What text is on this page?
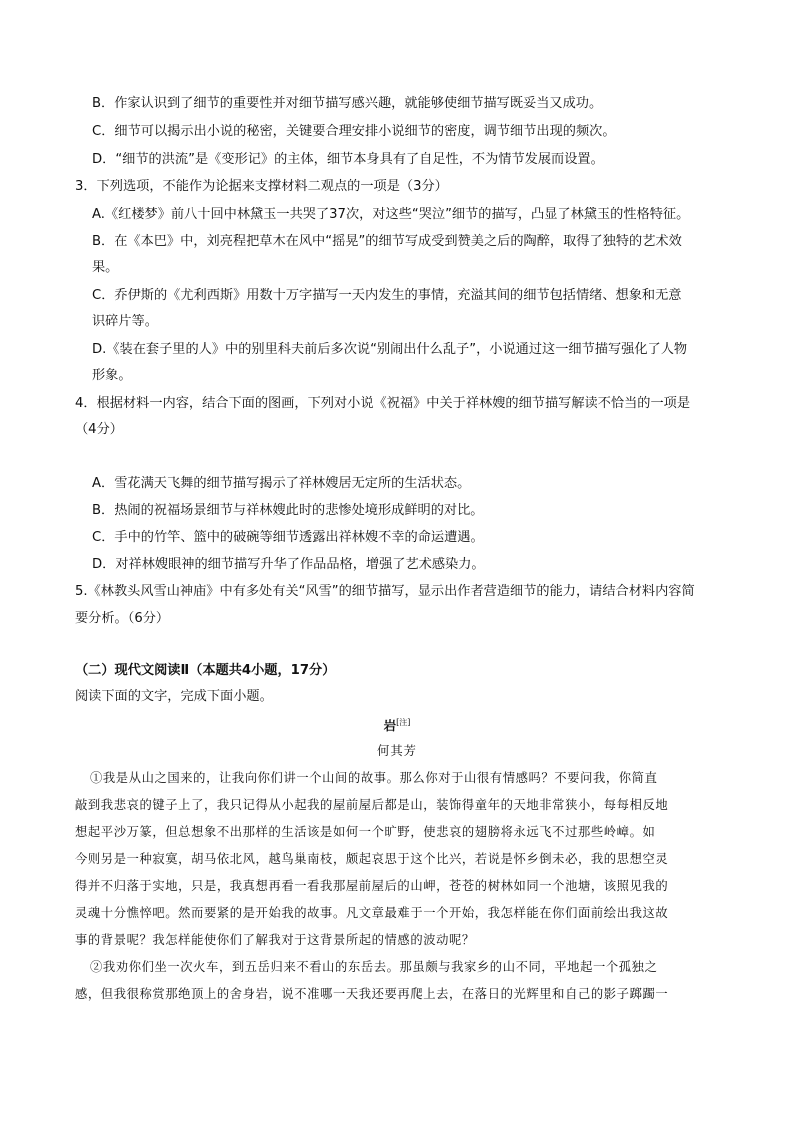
B．作家认识到了细节的重要性并对细节描写感兴趣，就能够使细节描写既妥当又成功。
C．细节可以揭示出小说的秘密，关键要合理安排小说细节的密度，调节细节出现的频次。
D．“细节的洪流”是《变形记》的主体，细节本身具有了自足性，不为情节发展而设置。
3．下列选项，不能作为论据来支撑材料二观点的一项是（3分）
A.《红楼梦》前八十回中林黛玉一共哭了37次，对这些“哭泣”细节的描写，凸显了林黛玉的性格特征。
B．在《本巴》中，刘亮程把草木在风中“摇晃”的细节写成受到赞美之后的陶醉，取得了独特的艺术效
果。
C．乔伊斯的《尤利西斯》用数十万字描写一天内发生的事情，充溢其间的细节包括情绪、想象和无意
识碎片等。
D.《装在套子里的人》中的别里科夫前后多次说“别闹出什么乱子”，小说通过这一细节描写强化了人物
形象。
4．根据材料一内容，结合下面的图画，下列对小说《祝福》中关于祥林嫂的细节描写解读不恰当的一项是
（4分）
A．雪花满天飞舞的细节描写揭示了祥林嫂居无定所的生活状态。
B．热闹的祝福场景细节与祥林嫂此时的悲惨处境形成鲜明的对比。
C．手中的竹竿、篮中的破碗等细节透露出祥林嫂不幸的命运遭遇。
D．对祥林嫂眼神的细节描写升华了作品品格，增强了艺术感染力。
5.《林教头风雪山神庙》中有多处有关“风雪”的细节描写，显示出作者营造细节的能力，请结合材料内容简
要分析。（6分）
（二）现代文阅读Ⅱ（本题共4小题，17分）
阅读下面的文字，完成下面小题。
岩[注]
何其芳
①我是从山之国来的，让我向你们讲一个山间的故事。那么你对于山很有情感吗？不要问我，你简直
敲到我悲哀的键子上了，我只记得从小起我的屋前屋后都是山，装饰得童年的天地非常狭小，每每相反地
想起平沙万篆，但总想象不出那样的生活该是如何一个旷野，使悲哀的翅膀将永远飞不过那些岭嶂。如
今则另是一种寂寞，胡马依北风，越鸟巢南枝，颇起哀思于这个比兴，若说是怀乡倒未必，我的思想空灵
得并不归落于实地，只是，我真想再看一看我那屋前屋后的山岬，苍苍的树林如同一个池塘，该照见我的
灵魂十分憔悴吧。然而要紧的是开始我的故事。凡文章最难于一个开始，我怎样能在你们面前绘出我这故
事的背景呢？我怎样能使你们了解我对于这背景所起的情感的波动呢？
②我劝你们坐一次火车，到五岳归来不看山的东岳去。那虽颇与我家乡的山不同，平地起一个孤独之
感，但我很称赏那绝顶上的舍身岩，说不准哪一天我还要再爬上去，在落日的光辉里和自己的影子踯躅一
